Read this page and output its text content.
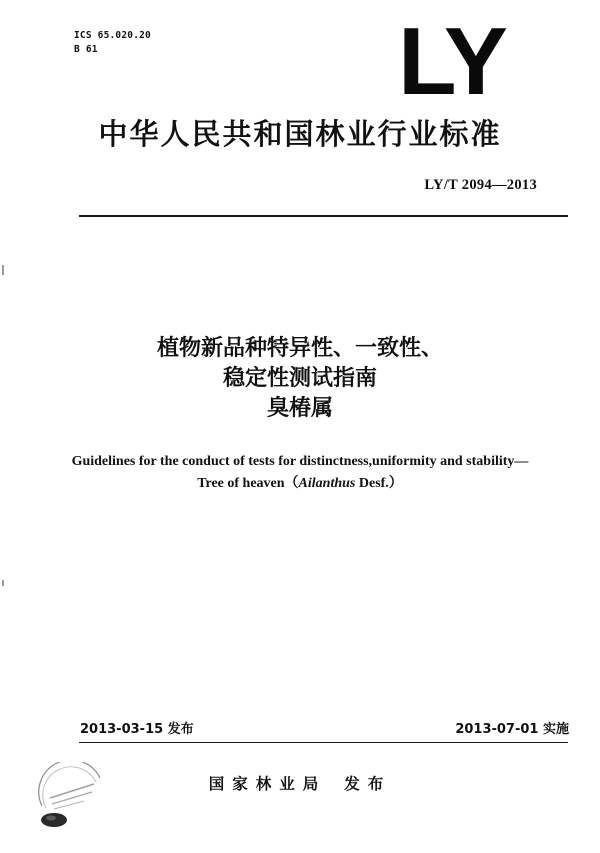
ICS 65.020.20
B 61	LY
中华人民共和国林业行业标准
LY/T 2094—2013
植物新品种特异性、一致性、
稳定性测试指南
臭椿属
Guidelines for the conduct of tests for distinctness,uniformity and stability—
Tree of heaven（Ailanthus Desf.）
2013-03-15 发布	2013-07-01 实施
国家林业局 发布
